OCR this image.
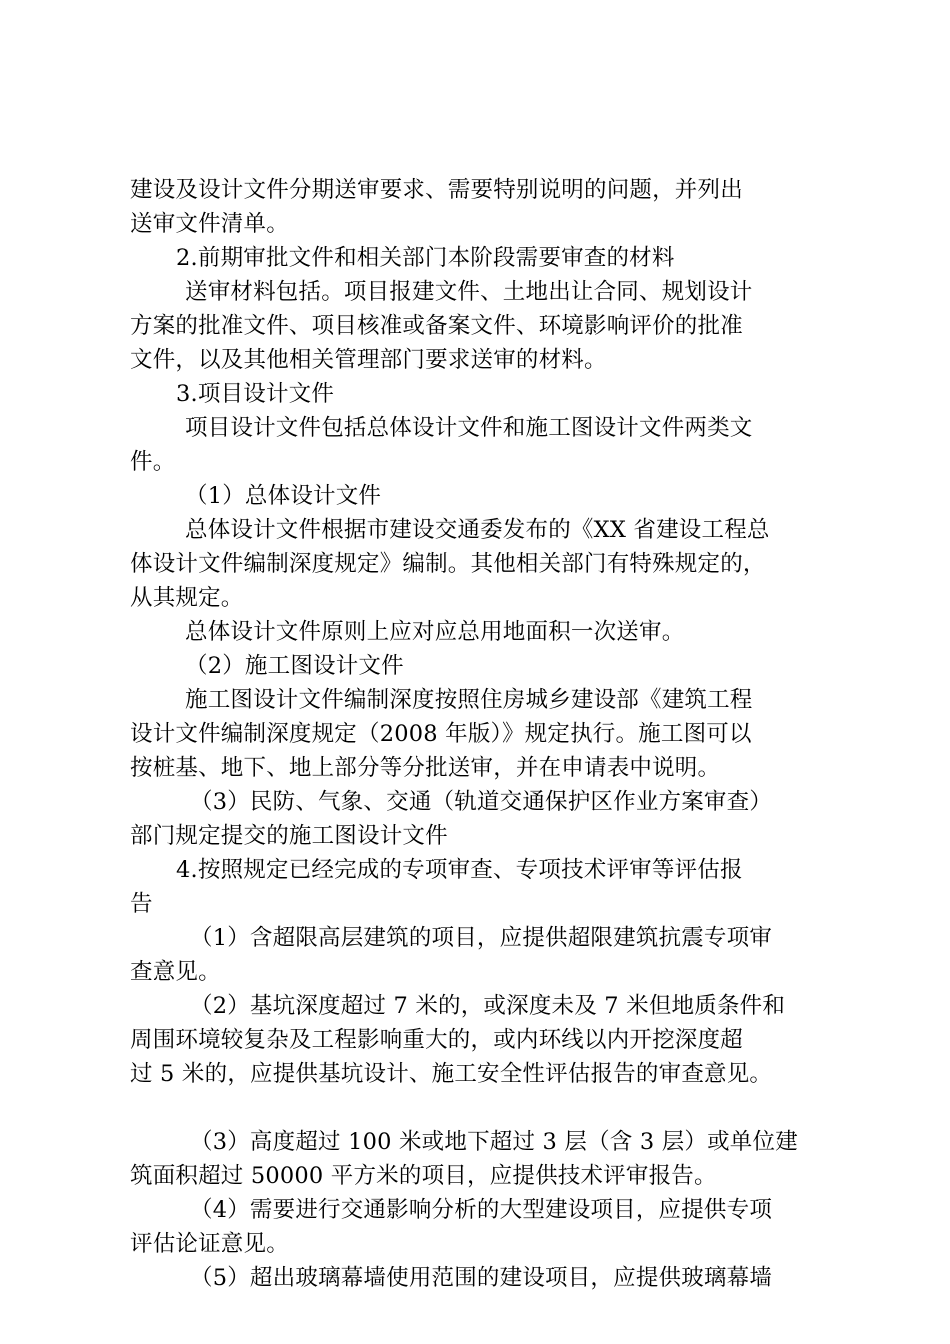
建设及设计文件分期送审要求、需要特别说明的问题，并列出
送审文件清单。
2.前期审批文件和相关部门本阶段需要审查的材料
送审材料包括。项目报建文件、土地出让合同、规划设计
方案的批准文件、项目核准或备案文件、环境影响评价的批准
文件，以及其他相关管理部门要求送审的材料。
3.项目设计文件
项目设计文件包括总体设计文件和施工图设计文件两类文
件。
（1）总体设计文件
总体设计文件根据市建设交通委发布的《XX 省建设工程总
体设计文件编制深度规定》编制。其他相关部门有特殊规定的，
从其规定。
总体设计文件原则上应对应总用地面积一次送审。
（2）施工图设计文件
施工图设计文件编制深度按照住房城乡建设部《建筑工程
设计文件编制深度规定（2008 年版）》规定执行。施工图可以
按桩基、地下、地上部分等分批送审，并在申请表中说明。
（3）民防、气象、交通（轨道交通保护区作业方案审查）
部门规定提交的施工图设计文件
4.按照规定已经完成的专项审查、专项技术评审等评估报
告
（1）含超限高层建筑的项目，应提供超限建筑抗震专项审
查意见。
（2）基坑深度超过 7 米的，或深度未及 7 米但地质条件和
周围环境较复杂及工程影响重大的，或内环线以内开挖深度超
过 5 米的，应提供基坑设计、施工安全性评估报告的审查意见。
（3）高度超过 100 米或地下超过 3 层（含 3 层）或单位建
筑面积超过 50000 平方米的项目，应提供技术评审报告。
（4）需要进行交通影响分析的大型建设项目，应提供专项
评估论证意见。
（5）超出玻璃幕墙使用范围的建设项目，应提供玻璃幕墙
